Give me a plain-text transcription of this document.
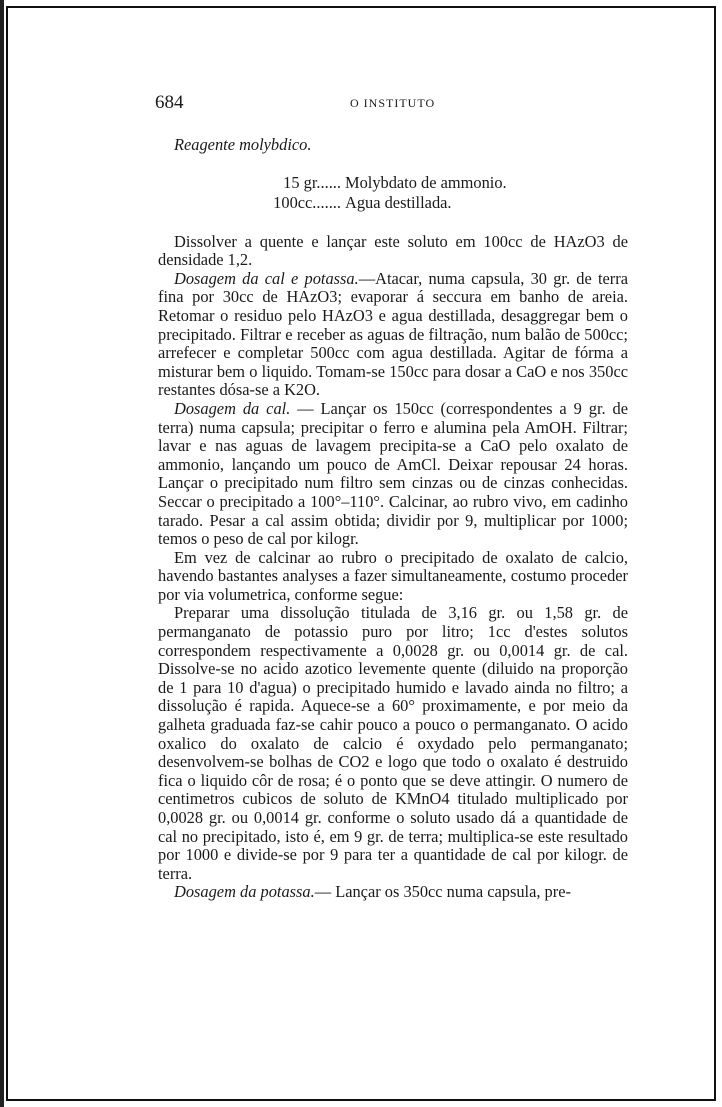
684	O INSTITUTO

Reagente molybdico.

15 gr...... Molybdato de ammonio.
100cc....... Agua destillada.

Dissolver a quente e lançar este soluto em 100cc de HAzO3 de densidade 1,2.

Dosagem da cal e potassa.—Atacar, numa capsula, 30 gr. de terra fina por 30cc de HAzO3; evaporar á seccura em banho de areia. Retomar o residuo pelo HAzO3 e agua destillada, desaggregar bem o precipitado. Filtrar e receber as aguas de filtração, num balão de 500cc; arrefecer e completar 500cc com agua destillada. Agitar de fórma a misturar bem o liquido. Tomam-se 150cc para dosar a CaO e nos 350cc restantes dósa-se a K2O.

Dosagem da cal. — Lançar os 150cc (correspondentes a 9 gr. de terra) numa capsula; precipitar o ferro e alumina pela AmOH. Filtrar; lavar e nas aguas de lavagem precipita-se a CaO pelo oxalato de ammonio, lançando um pouco de AmCl. Deixar repousar 24 horas. Lançar o precipitado num filtro sem cinzas ou de cinzas conhecidas. Seccar o precipitado a 100°–110°. Calcinar, ao rubro vivo, em cadinho tarado. Pesar a cal assim obtida; dividir por 9, multiplicar por 1000; temos o peso de cal por kilogr.

Em vez de calcinar ao rubro o precipitado de oxalato de calcio, havendo bastantes analyses a fazer simultaneamente, costumo proceder por via volumetrica, conforme segue:

Preparar uma dissolução titulada de 3,16 gr. ou 1,58 gr. de permanganato de potassio puro por litro; 1cc d'estes solutos correspondem respectivamente a 0,0028 gr. ou 0,0014 gr. de cal. Dissolve-se no acido azotico levemente quente (diluido na proporção de 1 para 10 d'agua) o precipitado humido e lavado ainda no filtro; a dissolução é rapida. Aquece-se a 60° proximamente, e por meio da galheta graduada faz-se cahir pouco a pouco o permanganato. O acido oxalico do oxalato de calcio é oxydado pelo permanganato; desenvolvem-se bolhas de CO2 e logo que todo o oxalato é destruido fica o liquido côr de rosa; é o ponto que se deve attingir. O numero de centimetros cubicos de soluto de KMnO4 titulado multiplicado por 0,0028 gr. ou 0,0014 gr. conforme o soluto usado dá a quantidade de cal no precipitado, isto é, em 9 gr. de terra; multiplica-se este resultado por 1000 e divide-se por 9 para ter a quantidade de cal por kilogr. de terra.

Dosagem da potassa.— Lançar os 350cc numa capsula, pre-
